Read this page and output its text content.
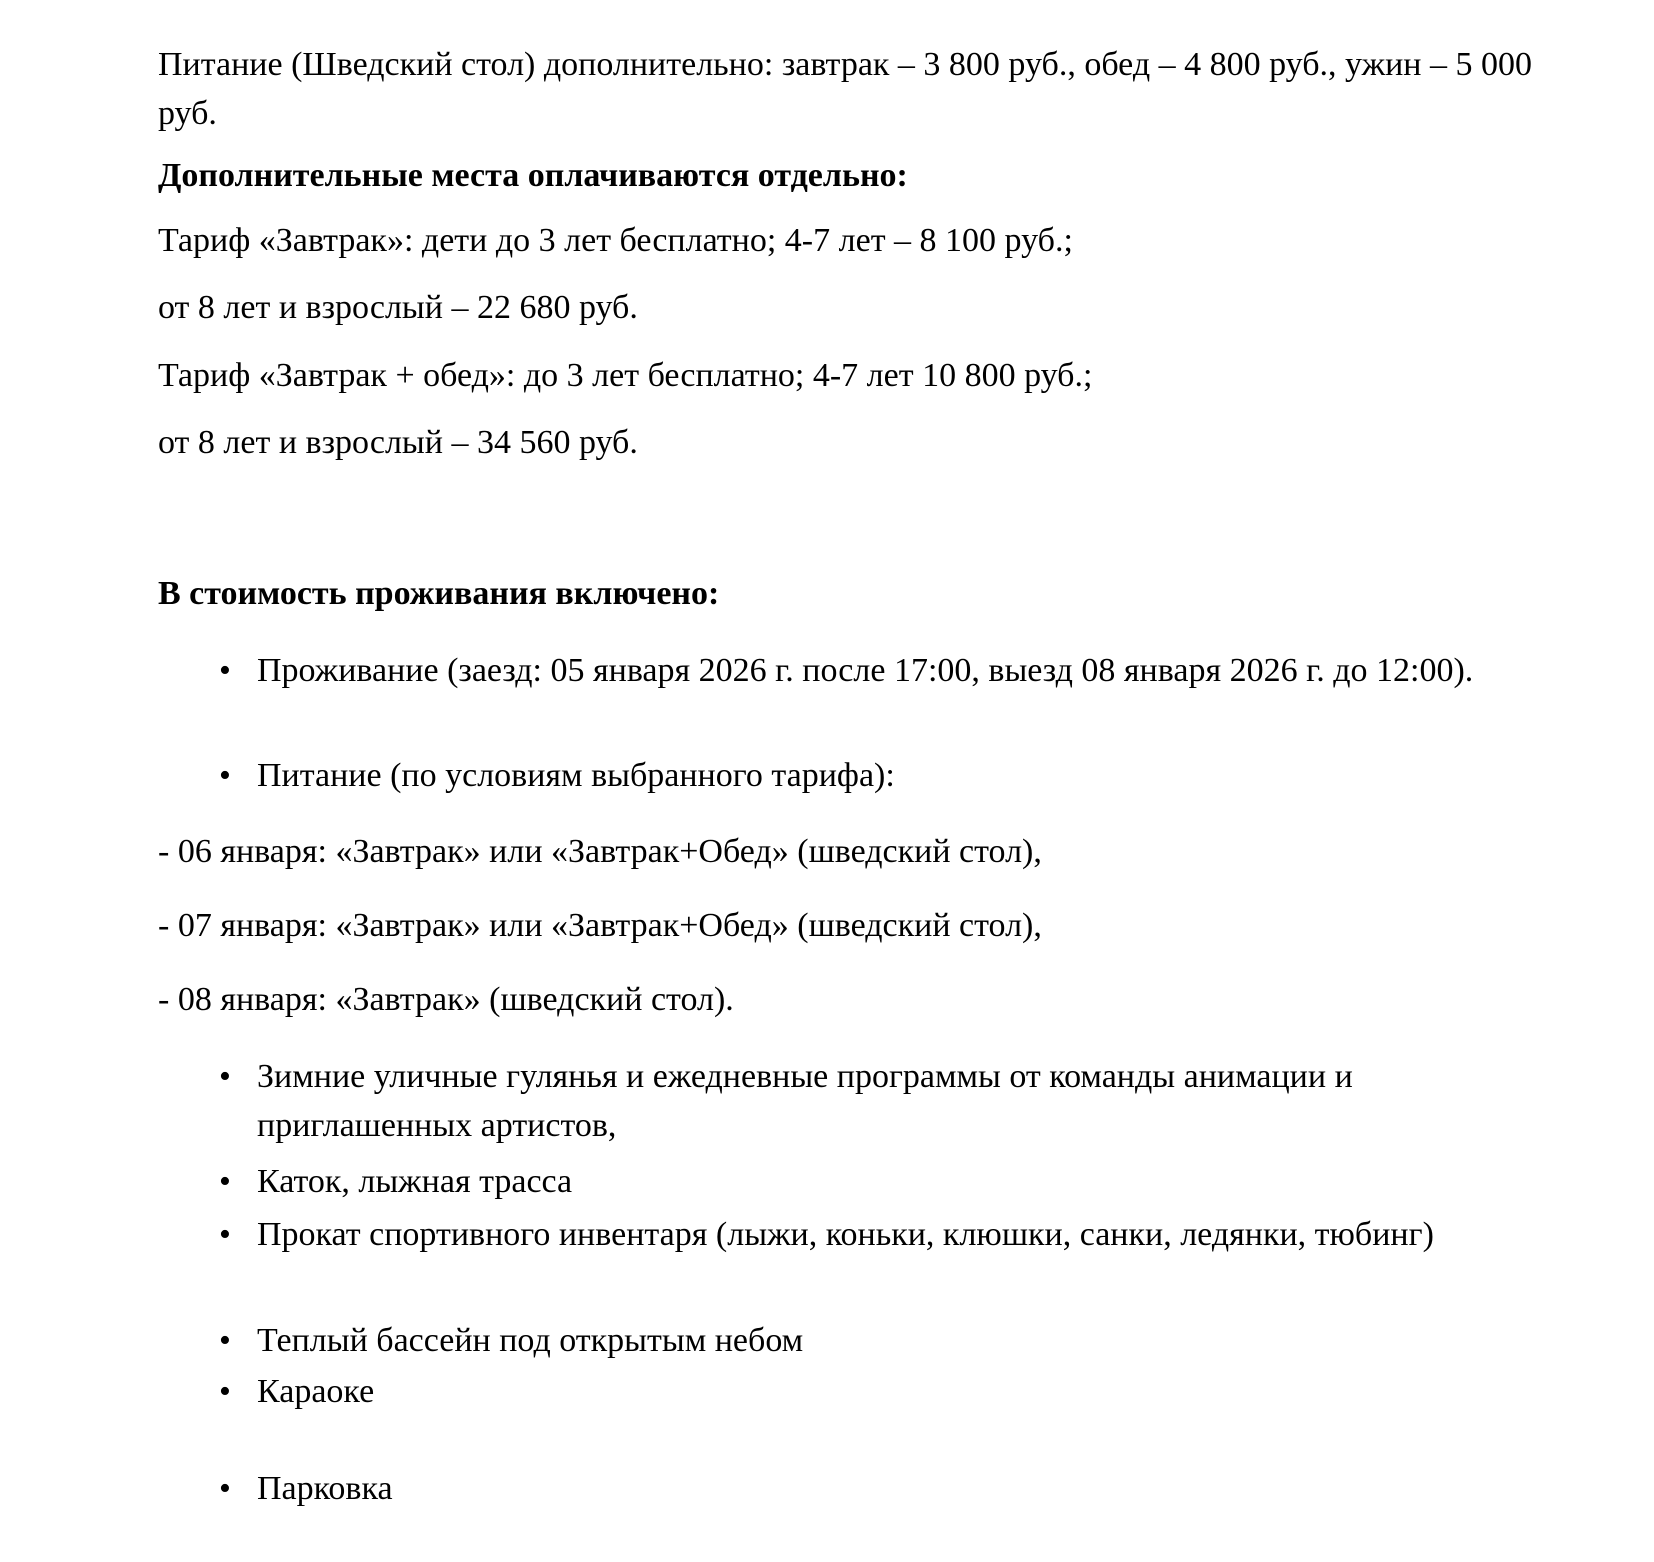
Питание (Шведский стол) дополнительно: завтрак – 3 800 руб., обед – 4 800 руб., ужин – 5 000 руб.

Дополнительные места оплачиваются отдельно:

Тариф «Завтрак»: дети до 3 лет бесплатно; 4-7 лет – 8 100 руб.;

от 8 лет и взрослый – 22 680 руб.

Тариф «Завтрак + обед»: до 3 лет бесплатно; 4-7 лет 10 800 руб.;

от 8 лет и взрослый – 34 560 руб.

В стоимость проживания включено:

• Проживание (заезд: 05 января 2026 г. после 17:00, выезд 08 января 2026 г. до 12:00).
• Питание (по условиям выбранного тарифа):

- 06 января: «Завтрак» или «Завтрак+Обед» (шведский стол),

- 07 января: «Завтрак» или «Завтрак+Обед» (шведский стол),

- 08 января: «Завтрак» (шведский стол).

• Зимние уличные гулянья и ежедневные программы от команды анимации и приглашенных артистов,
• Каток, лыжная трасса
• Прокат спортивного инвентаря (лыжи, коньки, клюшки, санки, ледянки, тюбинг)
• Теплый бассейн под открытым небом
• Караоке
• Парковка
